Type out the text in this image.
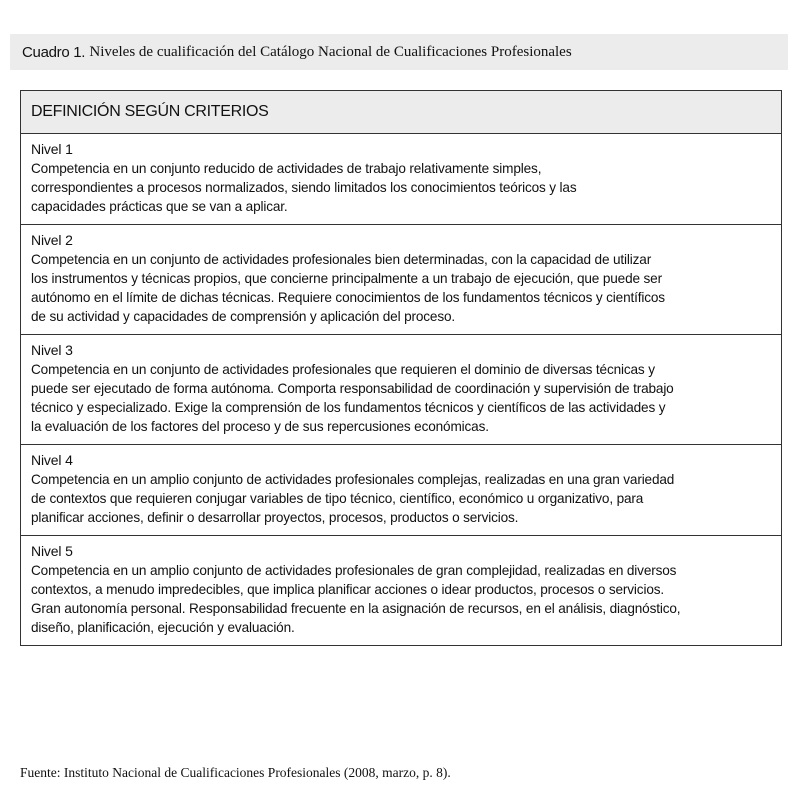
Cuadro 1.
Niveles de cualificación del Catálogo Nacional de Cualificaciones Profesionales
DEFINICIÓN SEGÚN CRITERIOS
Nivel 1
Competencia en un conjunto reducido de actividades de trabajo relativamente simples,
correspondientes a procesos normalizados, siendo limitados los conocimientos teóricos y las
capacidades prácticas que se van a aplicar.
Nivel 2
Competencia en un conjunto de actividades profesionales bien determinadas, con la capacidad de utilizar
los instrumentos y técnicas propios, que concierne principalmente a un trabajo de ejecución, que puede ser
autónomo en el límite de dichas técnicas. Requiere conocimientos de los fundamentos técnicos y científicos
de su actividad y capacidades de comprensión y aplicación del proceso.
Nivel 3
Competencia en un conjunto de actividades profesionales que requieren el dominio de diversas técnicas y
puede ser ejecutado de forma autónoma. Comporta responsabilidad de coordinación y supervisión de trabajo
técnico y especializado. Exige la comprensión de los fundamentos técnicos y científicos de las actividades y
la evaluación de los factores del proceso y de sus repercusiones económicas.
Nivel 4
Competencia en un amplio conjunto de actividades profesionales complejas, realizadas en una gran variedad
de contextos que requieren conjugar variables de tipo técnico, científico, económico u organizativo, para
planificar acciones, definir o desarrollar proyectos, procesos, productos o servicios.
Nivel 5
Competencia en un amplio conjunto de actividades profesionales de gran complejidad, realizadas en diversos
contextos, a menudo impredecibles, que implica planificar acciones o idear productos, procesos o servicios.
Gran autonomía personal. Responsabilidad frecuente en la asignación de recursos, en el análisis, diagnóstico,
diseño, planificación, ejecución y evaluación.
Fuente: Instituto Nacional de Cualificaciones Profesionales (2008, marzo, p. 8).
